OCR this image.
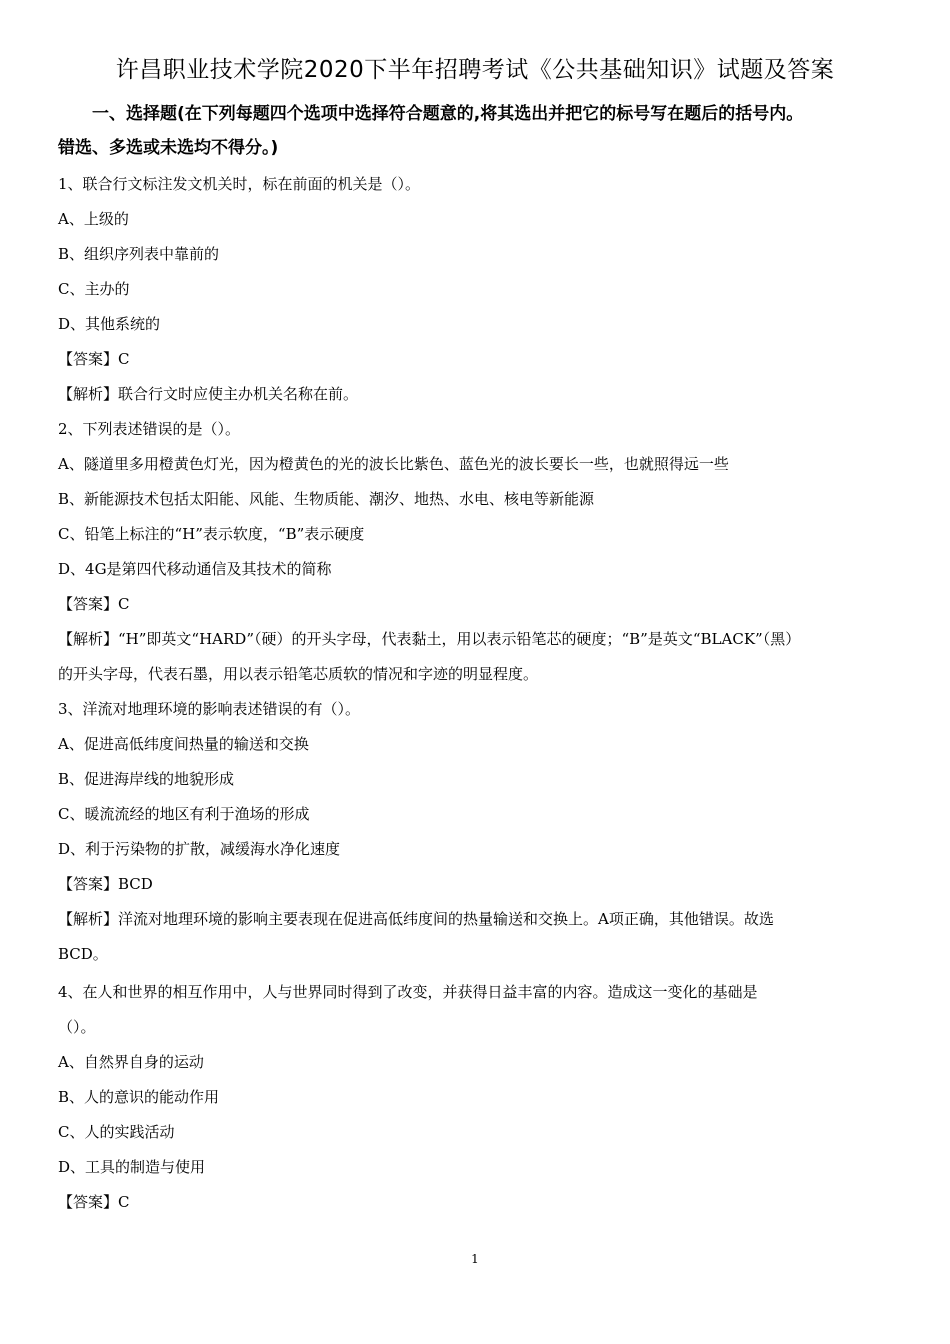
许昌职业技术学院2020下半年招聘考试《公共基础知识》试题及答案
一、选择题(在下列每题四个选项中选择符合题意的,将其选出并把它的标号写在题后的括号内。
错选、多选或未选均不得分。)
1、联合行文标注发文机关时，标在前面的机关是（）。
A、上级的
B、组织序列表中靠前的
C、主办的
D、其他系统的
【答案】C
【解析】联合行文时应使主办机关名称在前。
2、下列表述错误的是（）。
A、隧道里多用橙黄色灯光，因为橙黄色的光的波长比紫色、蓝色光的波长要长一些，也就照得远一些
B、新能源技术包括太阳能、风能、生物质能、潮汐、地热、水电、核电等新能源
C、铅笔上标注的“H”表示软度，“B”表示硬度
D、4G是第四代移动通信及其技术的简称
【答案】C
【解析】“H”即英文“HARD”（硬）的开头字母，代表黏土，用以表示铅笔芯的硬度；“B”是英文“BLACK”（黑）
的开头字母，代表石墨，用以表示铅笔芯质软的情况和字迹的明显程度。
3、洋流对地理环境的影响表述错误的有（）。
A、促进高低纬度间热量的输送和交换
B、促进海岸线的地貌形成
C、暖流流经的地区有利于渔场的形成
D、利于污染物的扩散，减缓海水净化速度
【答案】BCD
【解析】洋流对地理环境的影响主要表现在促进高低纬度间的热量输送和交换上。A项正确，其他错误。故选
BCD。
4、在人和世界的相互作用中，人与世界同时得到了改变，并获得日益丰富的内容。造成这一变化的基础是
（）。
A、自然界自身的运动
B、人的意识的能动作用
C、人的实践活动
D、工具的制造与使用
【答案】C
1
